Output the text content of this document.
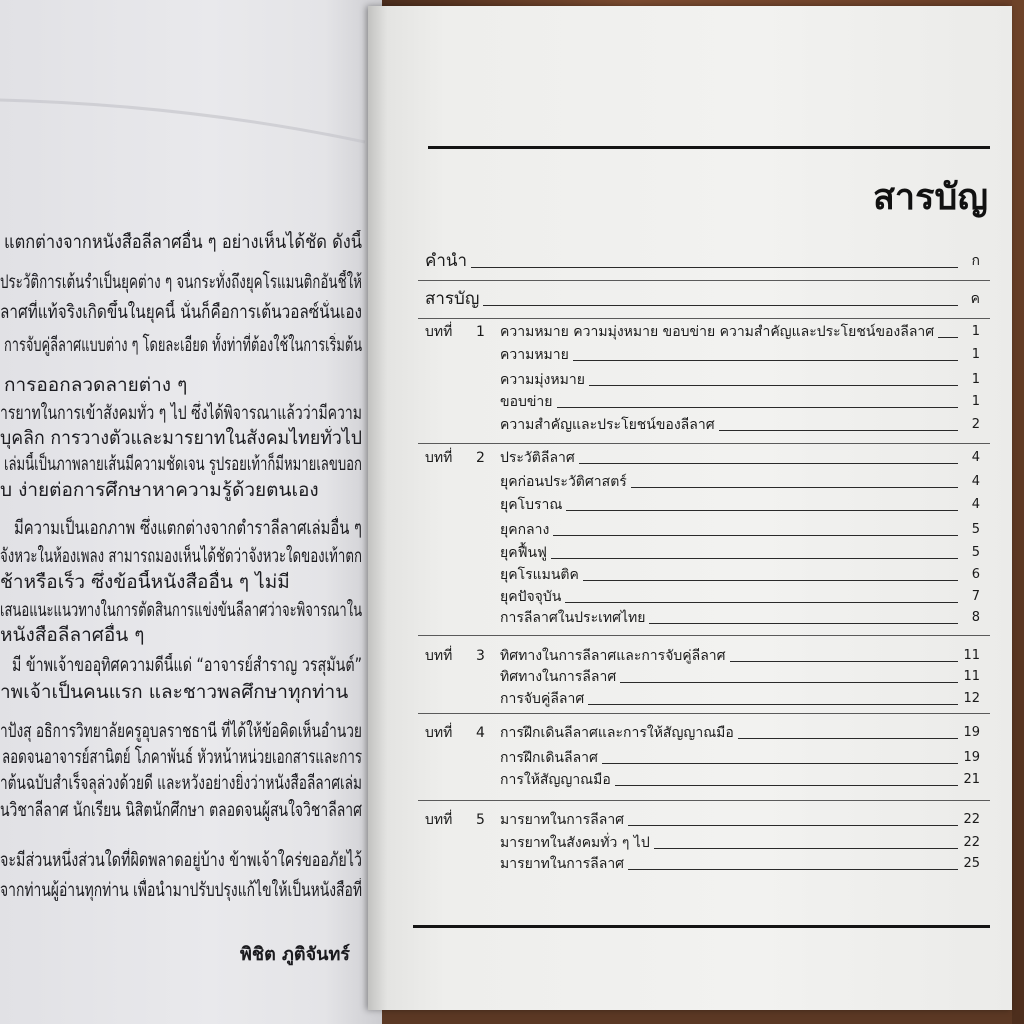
แตกต่างจากหนังสือลีลาศอื่น ๆ อย่างเห็นได้ชัด ดังนี้
ประวัติการเต้นรำเป็นยุคต่าง ๆ จนกระทั่งถึงยุคโรแมนติกอันชี้ให้
ลาศที่แท้จริงเกิดขึ้นในยุคนี้ นั่นก็คือการเต้นวอลซ์นั่นเอง
การจับคู่ลีลาศแบบต่าง ๆ โดยละเอียด ทั้งท่าที่ต้องใช้ในการเริ่มต้น
การออกลวดลายต่าง ๆ
ารยาทในการเข้าสังคมทั่ว ๆ ไป ซึ่งได้พิจารณาแล้วว่ามีความ
บุคลิก การวางตัวและมารยาทในสังคมไทยทั่วไป
เล่มนี้เป็นภาพลายเส้นมีความชัดเจน รูปรอยเท้าก็มีหมายเลขบอก
บ ง่ายต่อการศึกษาหาความรู้ด้วยตนเอง
มีความเป็นเอกภาพ ซึ่งแตกต่างจากตำราลีลาศเล่มอื่น ๆ
จังหวะในห้องเพลง สามารถมองเห็นได้ชัดว่าจังหวะใดของเท้าตก
ช้าหรือเร็ว ซึ่งข้อนี้หนังสืออื่น ๆ ไม่มี
เสนอแนะแนวทางในการตัดสินการแข่งขันลีลาศว่าจะพิจารณาใน
หนังสือลีลาศอื่น ๆ
มี ข้าพเจ้าขออุทิศความดีนี้แด่ “อาจารย์สำราญ วรสุมันต์”
าพเจ้าเป็นคนแรก และชาวพลศึกษาทุกท่าน
ำปังสุ อธิการวิทยาลัยครูอุบลราชธานี ที่ได้ให้ข้อคิดเห็นอำนวย
ลอดจนอาจารย์สานิตย์ โภคาพันธ์ หัวหน้าหน่วยเอกสารและการ
ำต้นฉบับสำเร็จลุล่วงด้วยดี และหวังอย่างยิ่งว่าหนังสือลีลาศเล่ม
นวิชาลีลาศ นักเรียน นิสิตนักศึกษา ตลอดจนผู้สนใจวิชาลีลาศ
จะมีส่วนหนึ่งส่วนใดที่ผิดพลาดอยู่บ้าง ข้าพเจ้าใคร่ขออภัยไว้
จากท่านผู้อ่านทุกท่าน เพื่อนำมาปรับปรุงแก้ไขให้เป็นหนังสือที่
พิชิต ภูติจันทร์
สารบัญ
คำนำ	ก
สารบัญ	ค
บทที่	1	ความหมาย ความมุ่งหมาย ขอบข่าย ความสำคัญและประโยชน์ของลีลาศ	1
ความหมาย	1
ความมุ่งหมาย	1
ขอบข่าย	1
ความสำคัญและประโยชน์ของลีลาศ	2
บทที่	2	ประวัติลีลาศ	4
ยุคก่อนประวัติศาสตร์	4
ยุคโบราณ	4
ยุคกลาง	5
ยุคฟื้นฟู	5
ยุคโรแมนติค	6
ยุคปัจจุบัน	7
การลีลาศในประเทศไทย	8
บทที่	3	ทิศทางในการลีลาศและการจับคู่ลีลาศ	11
ทิศทางในการลีลาศ	11
การจับคู่ลีลาศ	12
บทที่	4	การฝึกเดินลีลาศและการให้สัญญาณมือ	19
การฝึกเดินลีลาศ	19
การให้สัญญาณมือ	21
บทที่	5	มารยาทในการลีลาศ	22
มารยาทในสังคมทั่ว ๆ ไป	22
มารยาทในการลีลาศ	25
